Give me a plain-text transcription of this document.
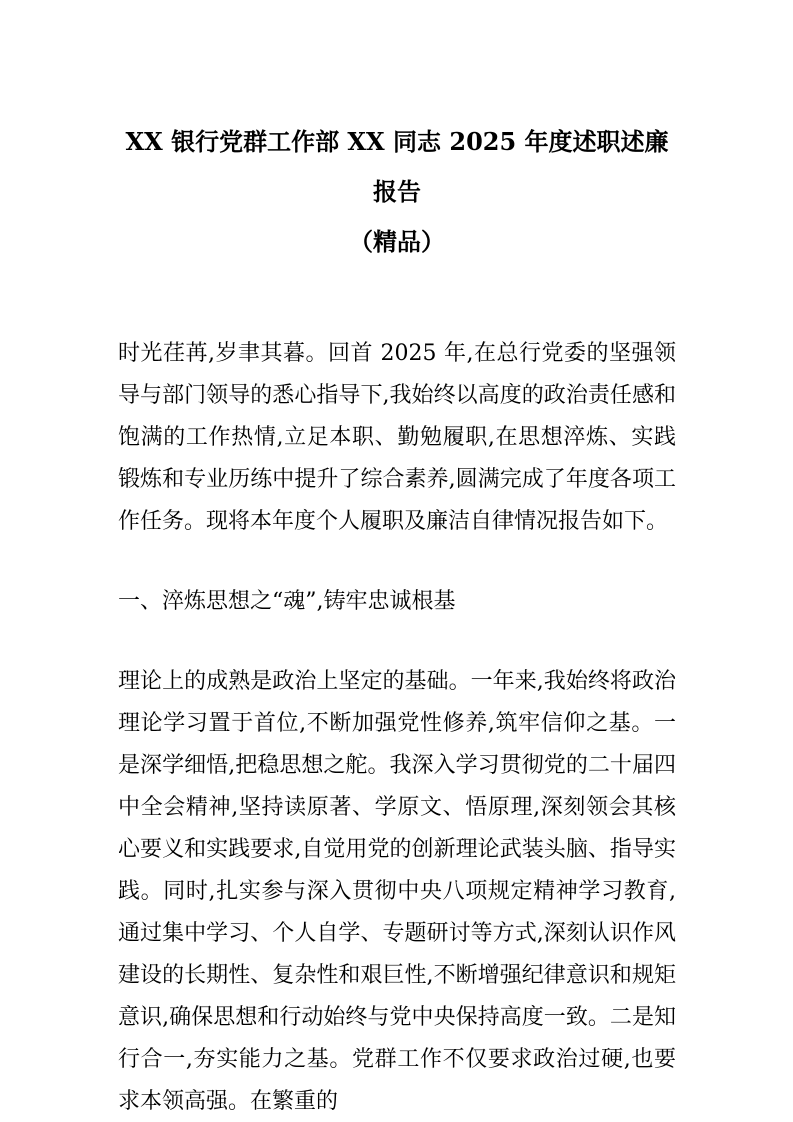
XX 银行党群工作部 XX 同志 2025 年度述职述廉报告
（精品）

时光荏苒,岁聿其暮。回首 2025 年,在总行党委的坚强领导与部门领导的悉心指导下,我始终以高度的政治责任感和饱满的工作热情,立足本职、勤勉履职,在思想淬炼、实践锻炼和专业历练中提升了综合素养,圆满完成了年度各项工作任务。现将本年度个人履职及廉洁自律情况报告如下。

一、淬炼思想之“魂”,铸牢忠诚根基

理论上的成熟是政治上坚定的基础。一年来,我始终将政治理论学习置于首位,不断加强党性修养,筑牢信仰之基。一是深学细悟,把稳思想之舵。我深入学习贯彻党的二十届四中全会精神,坚持读原著、学原文、悟原理,深刻领会其核心要义和实践要求,自觉用党的创新理论武装头脑、指导实践。同时,扎实参与深入贯彻中央八项规定精神学习教育,通过集中学习、个人自学、专题研讨等方式,深刻认识作风建设的长期性、复杂性和艰巨性,不断增强纪律意识和规矩意识,确保思想和行动始终与党中央保持高度一致。二是知行合一,夯实能力之基。党群工作不仅要求政治过硬,也要求本领高强。在繁重的
